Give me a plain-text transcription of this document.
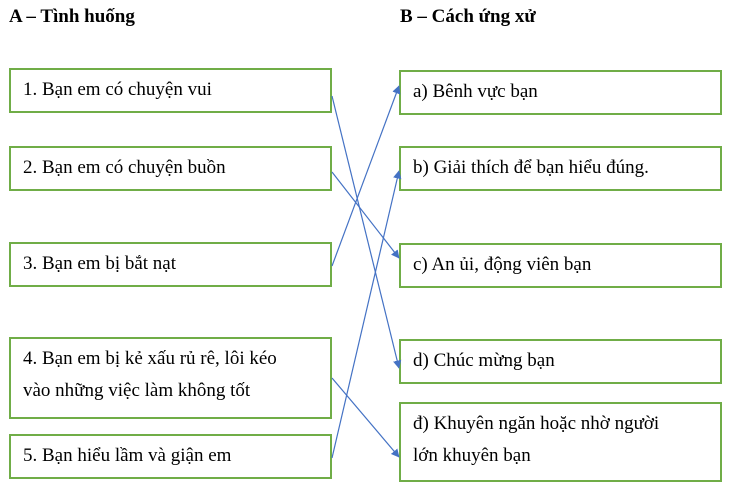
A – Tình huống	B – Cách ứng xử
1. Bạn em có chuyện vui
2. Bạn em có chuyện buồn
3. Bạn em bị bắt nạt
4. Bạn em bị kẻ xấu rủ rê, lôi kéo
vào những việc làm không tốt
5. Bạn hiểu lầm và giận em
a) Bênh vực bạn
b) Giải thích để bạn hiểu đúng.
c) An ủi, động viên bạn
d) Chúc mừng bạn
đ) Khuyên ngăn hoặc nhờ người
lớn khuyên bạn
